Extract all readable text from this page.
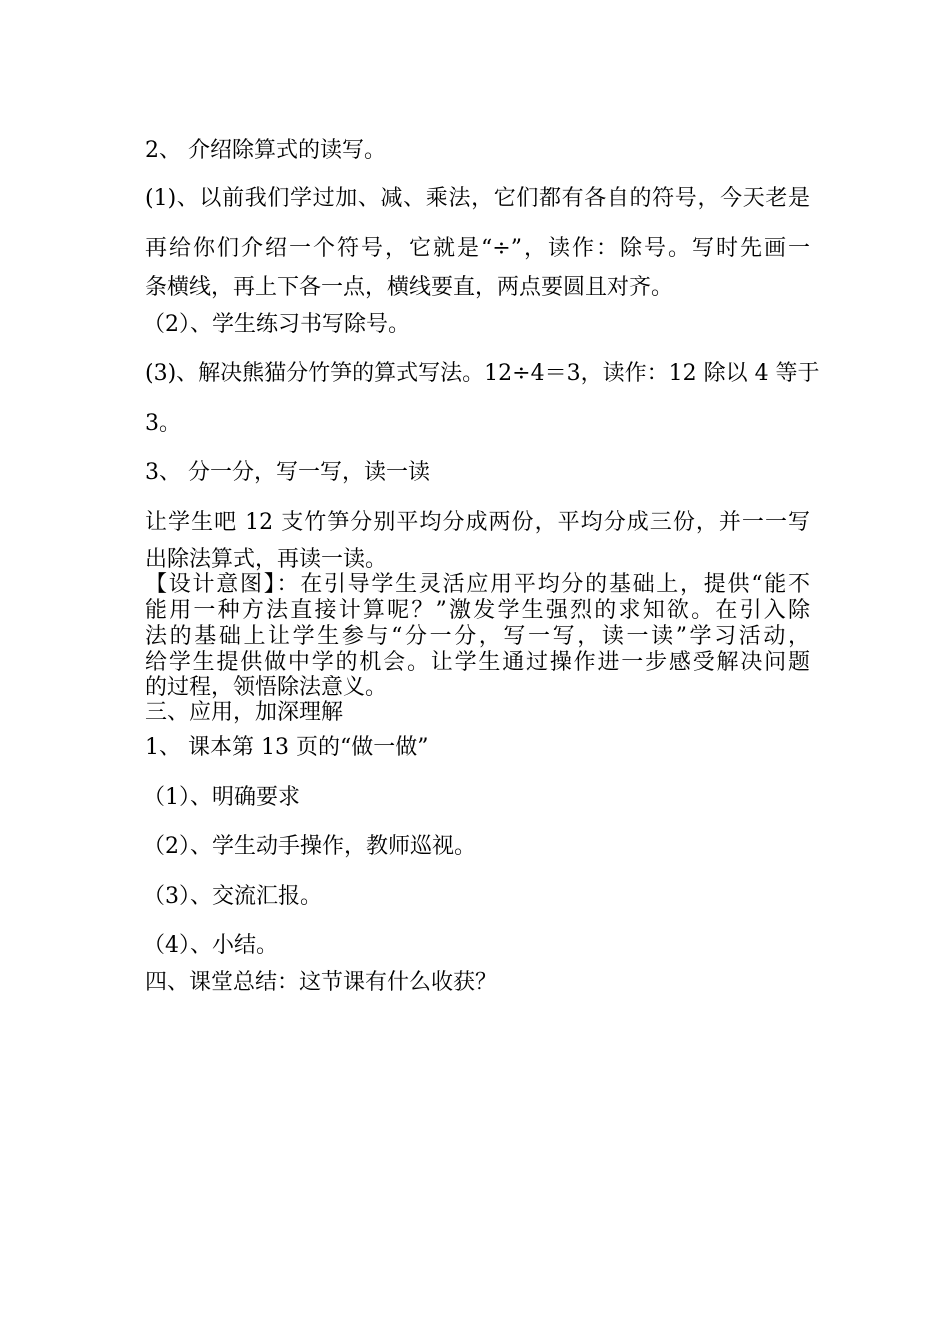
2、 介绍除算式的读写。
(1)、以前我们学过加、减、乘法，它们都有各自的符号，今天老是
再给你们介绍一个符号，它就是“÷”，读作：除号。写时先画一
条横线，再上下各一点，横线要直，两点要圆且对齐。
（2）、学生练习书写除号。
(3)、解决熊猫分竹笋的算式写法。12÷4＝3，读作：12 除以 4 等于
3。
3、 分一分，写一写，读一读
让学生吧 12 支竹笋分别平均分成两份，平均分成三份，并一一写
出除法算式，再读一读。
【设计意图】：在引导学生灵活应用平均分的基础上，提供“能不
能用一种方法直接计算呢？”激发学生强烈的求知欲。在引入除
法的基础上让学生参与“分一分，写一写，读一读”学习活动，
给学生提供做中学的机会。让学生通过操作进一步感受解决问题
的过程，领悟除法意义。
三、应用，加深理解
1、 课本第 13 页的“做一做”
（1）、明确要求
（2）、学生动手操作，教师巡视。
（3）、交流汇报。
（4）、小结。
四、课堂总结：这节课有什么收获？
